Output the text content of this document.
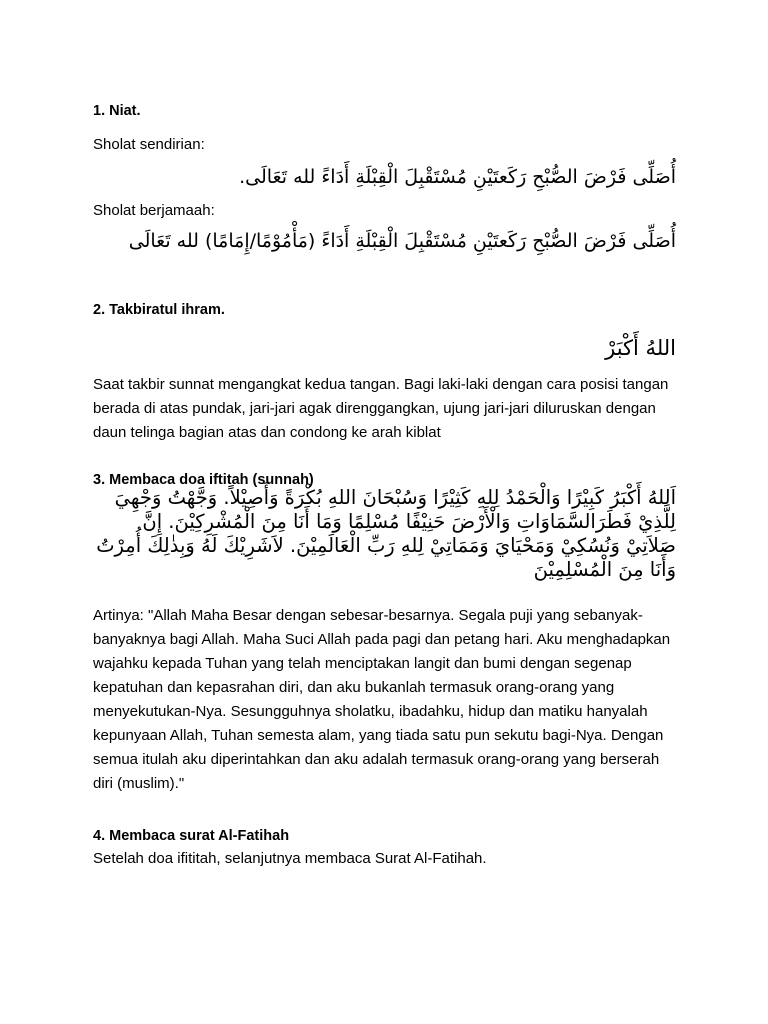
1. Niat.
Sholat sendirian:
أُصَلِّى فَرْضَ الصُّبْحِ رَكَعتَيْنِ مُسْتَقْبِلَ الْقِبْلَةِ أَدَاءً لله تَعَالَى.
Sholat berjamaah:
أُصَلِّى فَرْضَ الصُّبْحِ رَكَعتَيْنِ مُسْتَقْبِلَ الْقِبْلَةِ أَدَاءً (مَأْمُوْمًا/إِمَامًا) لله تَعَالَى
2. Takbiratul ihram.
اللهُ أَكْبَرْ
Saat takbir sunnat mengangkat kedua tangan. Bagi laki-laki dengan cara posisi tangan berada di atas pundak, jari-jari agak direnggangkan, ujung jari-jari diluruskan dengan daun telinga bagian atas dan condong ke arah kiblat
3. Membaca doa iftitah (sunnah)
اَللهُ أَكْبَرُ كَبِيْرًا وَالْحَمْدُ لِلهِ كَثِيْرًا وَسُبْحَانَ اللهِ بُكْرَةً وَأَصِيْلاً. وَجَّهْتُ وَجْهِيَ لِلَّذِيْ فَطَرَالسَّمَاوَاتِ وَالْأَرْضَ حَنِيْفًا مُسْلِمًا وَمَا أَنَا مِنَ الْمُشْرِكِيْنَ. إِنَّ صَلاَتِيْ وَنُسُكِيْ وَمَحْيَايَ وَمَمَاتِيْ لِلهِ رَبِّ الْعَالَمِيْنَ. لاَشَرِيْكَ لَهُ وَبِذٰلِكَ أُمِرْتُ وَأَنَا مِنَ الْمُسْلِمِيْنَ
Artinya: "Allah Maha Besar dengan sebesar-besarnya. Segala puji yang sebanyak-banyaknya bagi Allah. Maha Suci Allah pada pagi dan petang hari. Aku menghadapkan wajahku kepada Tuhan yang telah menciptakan langit dan bumi dengan segenap kepatuhan dan kepasrahan diri, dan aku bukanlah termasuk orang-orang yang menyekutukan-Nya. Sesungguhnya sholatku, ibadahku, hidup dan matiku hanyalah kepunyaan Allah, Tuhan semesta alam, yang tiada satu pun sekutu bagi-Nya. Dengan semua itulah aku diperintahkan dan aku adalah termasuk orang-orang yang berserah diri (muslim)."
4. Membaca surat Al-Fatihah
Setelah doa ifititah, selanjutnya membaca Surat Al-Fatihah.
